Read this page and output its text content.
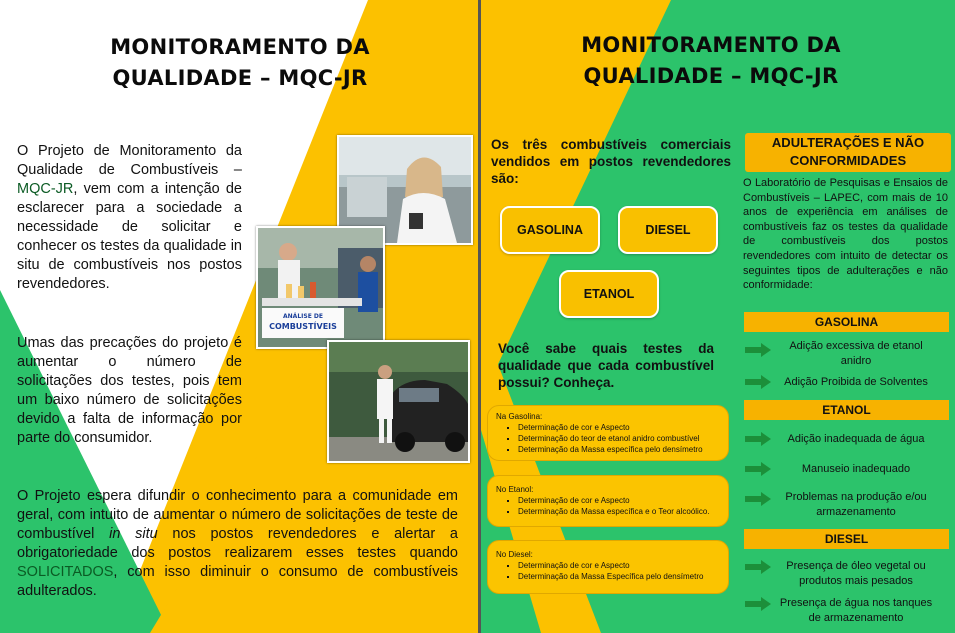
MONITORAMENTO DA
QUALIDADE – MQC-JR
O Projeto de Monitoramento da Qualidade de Combustíveis – MQC-JR, vem com a intenção de esclarecer para a sociedade a necessidade de solicitar e conhecer os testes da qualidade in situ de combustíveis nos postos revendedores.
Umas das precações do projeto é aumentar o número de solicitações dos testes, pois tem um baixo número de solicitações devido a falta de informação por parte do consumidor.
O Projeto espera difundir o conhecimento para a comunidade em geral, com intuito de aumentar o número de solicitações de teste de combustível in situ nos postos revendedores e alertar a obrigatoriedade dos postos realizarem esses testes quando SOLICITADOS, com isso diminuir o consumo de combustíveis adulterados.
ANÁLISE DE
COMBUSTÍVEIS
MONITORAMENTO DA
QUALIDADE – MQC-JR
Os três combustíveis comerciais vendidos em postos revendedores são:
GASOLINA	DIESEL
ETANOL
Você sabe quais testes da qualidade que cada combustível possui? Conheça.
Na Gasolina:
▪ Determinação de cor e Aspecto
▪ Determinação do teor de etanol anidro combustível
▪ Determinação da Massa específica pelo densímetro
No Etanol:
▪ Determinação de cor e Aspecto
▪ Determinação da Massa específica e o Teor alcoólico.
No Diesel:
▪ Determinação de cor e Aspecto
▪ Determinação da Massa Específica pelo densímetro
ADULTERAÇÕES E NÃO
CONFORMIDADES
O Laboratório de Pesquisas e Ensaios de Combustíveis – LAPEC, com mais de 10 anos de experiência em análises de combustíveis faz os testes da qualidade de combustíveis dos postos revendedores com intuito de detectar os seguintes tipos de adulterações e não conformidade:
GASOLINA
Adição excessiva de etanol
anidro
Adição Proibida de Solventes
ETANOL
Adição inadequada de água
Manuseio inadequado
Problemas na produção e/ou
armazenamento
DIESEL
Presença de óleo vegetal ou
produtos mais pesados
Presença de água nos tanques
de armazenamento
